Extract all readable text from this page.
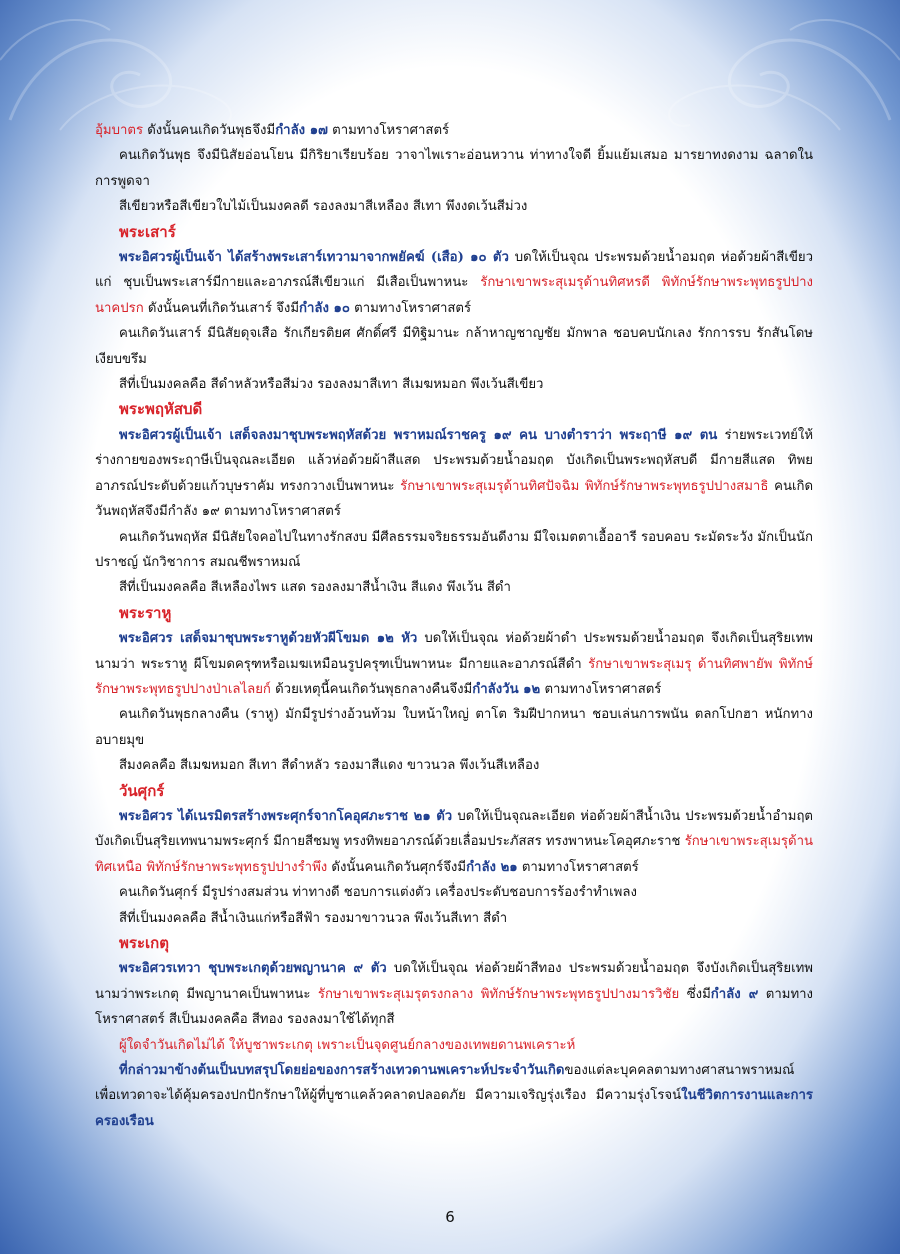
อุ้มบาตร ดังนั้นคนเกิดวันพุธจึงมีกำลัง ๑๗ ตามทางโหราศาสตร์

คนเกิดวันพุธ จึงมีนิสัยอ่อนโยน มีกิริยาเรียบร้อย วาจาไพเราะอ่อนหวาน ท่าทางใจดี ยิ้มแย้มเสมอ มารยาทงดงาม ฉลาดในการพูดจา

สีเขียวหรือสีเขียวใบไม้เป็นมงคลดี รองลงมาสีเหลือง สีเทา พึงงดเว้นสีม่วง

พระเสาร์

พระอิศวรผู้เป็นเจ้า ได้สร้างพระเสาร์เทวามาจากพยัคฆ์ (เสือ) ๑๐ ตัว บดให้เป็นจุณ ประพรมด้วยน้ำอมฤต ห่อด้วยผ้าสีเขียวแก่ ชุบเป็นพระเสาร์มีกายและอาภรณ์สีเขียวแก่ มีเสือเป็นพาหนะ รักษาเขาพระสุเมรุด้านทิศหรดี พิทักษ์รักษาพระพุทธรูปปางนาคปรก ดังนั้นคนที่เกิดวันเสาร์ จึงมีกำลัง ๑๐ ตามทางโหราศาสตร์

คนเกิดวันเสาร์ มีนิสัยดุจเสือ รักเกียรติยศ ศักดิ์ศรี มีทิฐิมานะ กล้าหาญชาญชัย มักพาล ชอบคบนักเลง รักการรบ รักสันโดษ เงียบขรึม

สีที่เป็นมงคลคือ สีดำหลัวหรือสีม่วง รองลงมาสีเทา สีเมฆหมอก พึงเว้นสีเขียว

พระพฤหัสบดี

พระอิศวรผู้เป็นเจ้า เสด็จลงมาชุบพระพฤหัสด้วย พราหมณ์ราชครู ๑๙ คน บางตำราว่า พระฤาษี ๑๙ ตน ร่ายพระเวทย์ให้ร่างกายของพระฤาษีเป็นจุณละเอียด แล้วห่อด้วยผ้าสีแสด ประพรมด้วยน้ำอมฤต บังเกิดเป็นพระพฤหัสบดี มีกายสีแสด ทิพยอาภรณ์ประดับด้วยแก้วบุษราคัม ทรงกวางเป็นพาหนะ รักษาเขาพระสุเมรุด้านทิศปัจฉิม พิทักษ์รักษาพระพุทธรูปปางสมาธิ คนเกิดวันพฤหัสจึงมีกำลัง ๑๙ ตามทางโหราศาสตร์

คนเกิดวันพฤหัส มีนิสัยใจคอไปในทางรักสงบ มีศีลธรรมจริยธรรมอันดีงาม มีใจเมตตาเอื้ออารี รอบคอบ ระมัดระวัง มักเป็นนักปราชญ์ นักวิชาการ สมณชีพราหมณ์

สีที่เป็นมงคลคือ สีเหลืองไพร แสด รองลงมาสีน้ำเงิน สีแดง พึงเว้น สีดำ

พระราหู

พระอิศวร เสด็จมาชุบพระราหูด้วยหัวผีโขมด ๑๒ หัว บดให้เป็นจุณ ห่อด้วยผ้าดำ ประพรมด้วยน้ำอมฤต จึงเกิดเป็นสุริยเทพนามว่า พระราหู ผีโขมดครุฑหรือเมฆเหมือนรูปครุฑเป็นพาหนะ มีกายและอาภรณ์สีดำ รักษาเขาพระสุเมรุ ด้านทิศพายัพ พิทักษ์รักษาพระพุทธรูปปางป่าเลไลยก์ ด้วยเหตุนี้คนเกิดวันพุธกลางคืนจึงมีกำลังวัน ๑๒ ตามทางโหราศาสตร์

คนเกิดวันพุธกลางคืน (ราหู) มักมีรูปร่างอ้วนท้วม ใบหน้าใหญ่ ตาโต ริมฝีปากหนา ชอบเล่นการพนัน ตลกโปกฮา หนักทางอบายมุข

สีมงคลคือ สีเมฆหมอก สีเทา สีดำหลัว รองมาสีแดง ขาวนวล พึงเว้นสีเหลือง

วันศุกร์

พระอิศวร ได้เนรมิตรสร้างพระศุกร์จากโคอุศภะราช ๒๑ ตัว บดให้เป็นจุณละเอียด ห่อด้วยผ้าสีน้ำเงิน ประพรมด้วยน้ำอำมฤต บังเกิดเป็นสุริยเทพนามพระศุกร์ มีกายสีชมพู ทรงทิพยอาภรณ์ด้วยเลื่อมประภัสสร ทรงพาหนะโคอุศภะราช รักษาเขาพระสุเมรุด้านทิศเหนือ พิทักษ์รักษาพระพุทธรูปปางรำพึง ดังนั้นคนเกิดวันศุกร์จึงมีกำลัง ๒๑ ตามทางโหราศาสตร์

คนเกิดวันศุกร์ มีรูปร่างสมส่วน ท่าทางดี ชอบการแต่งตัว เครื่องประดับชอบการร้องรำทำเพลง

สีที่เป็นมงคลคือ สีน้ำเงินแก่หรือสีฟ้า รองมาขาวนวล พึงเว้นสีเทา สีดำ

พระเกตุ

พระอิศวรเทวา ชุบพระเกตุด้วยพญานาค ๙ ตัว บดให้เป็นจุณ ห่อด้วยผ้าสีทอง ประพรมด้วยน้ำอมฤต จึงบังเกิดเป็นสุริยเทพนามว่าพระเกตุ มีพญานาคเป็นพาหนะ รักษาเขาพระสุเมรุตรงกลาง พิทักษ์รักษาพระพุทธรูปปางมารวิชัย ซึ่งมีกำลัง ๙ ตามทางโหราศาสตร์ สีเป็นมงคลคือ สีทอง รองลงมาใช้ได้ทุกสี

ผู้ใดจำวันเกิดไม่ได้ ให้บูชาพระเกตุ เพราะเป็นจุดศูนย์กลางของเทพยดานพเคราะห์

ที่กล่าวมาข้างต้นเป็นบทสรุปโดยย่อของการสร้างเทวดานพเคราะห์ประจำวันเกิดของแต่ละบุคคลตามทางศาสนาพราหมณ์ เพื่อเทวดาจะได้คุ้มครองปกปักรักษาให้ผู้ที่บูชาแคล้วคลาดปลอดภัย มีความเจริญรุ่งเรือง มีความรุ่งโรจน์ในชีวิตการงานและการครองเรือน

6
